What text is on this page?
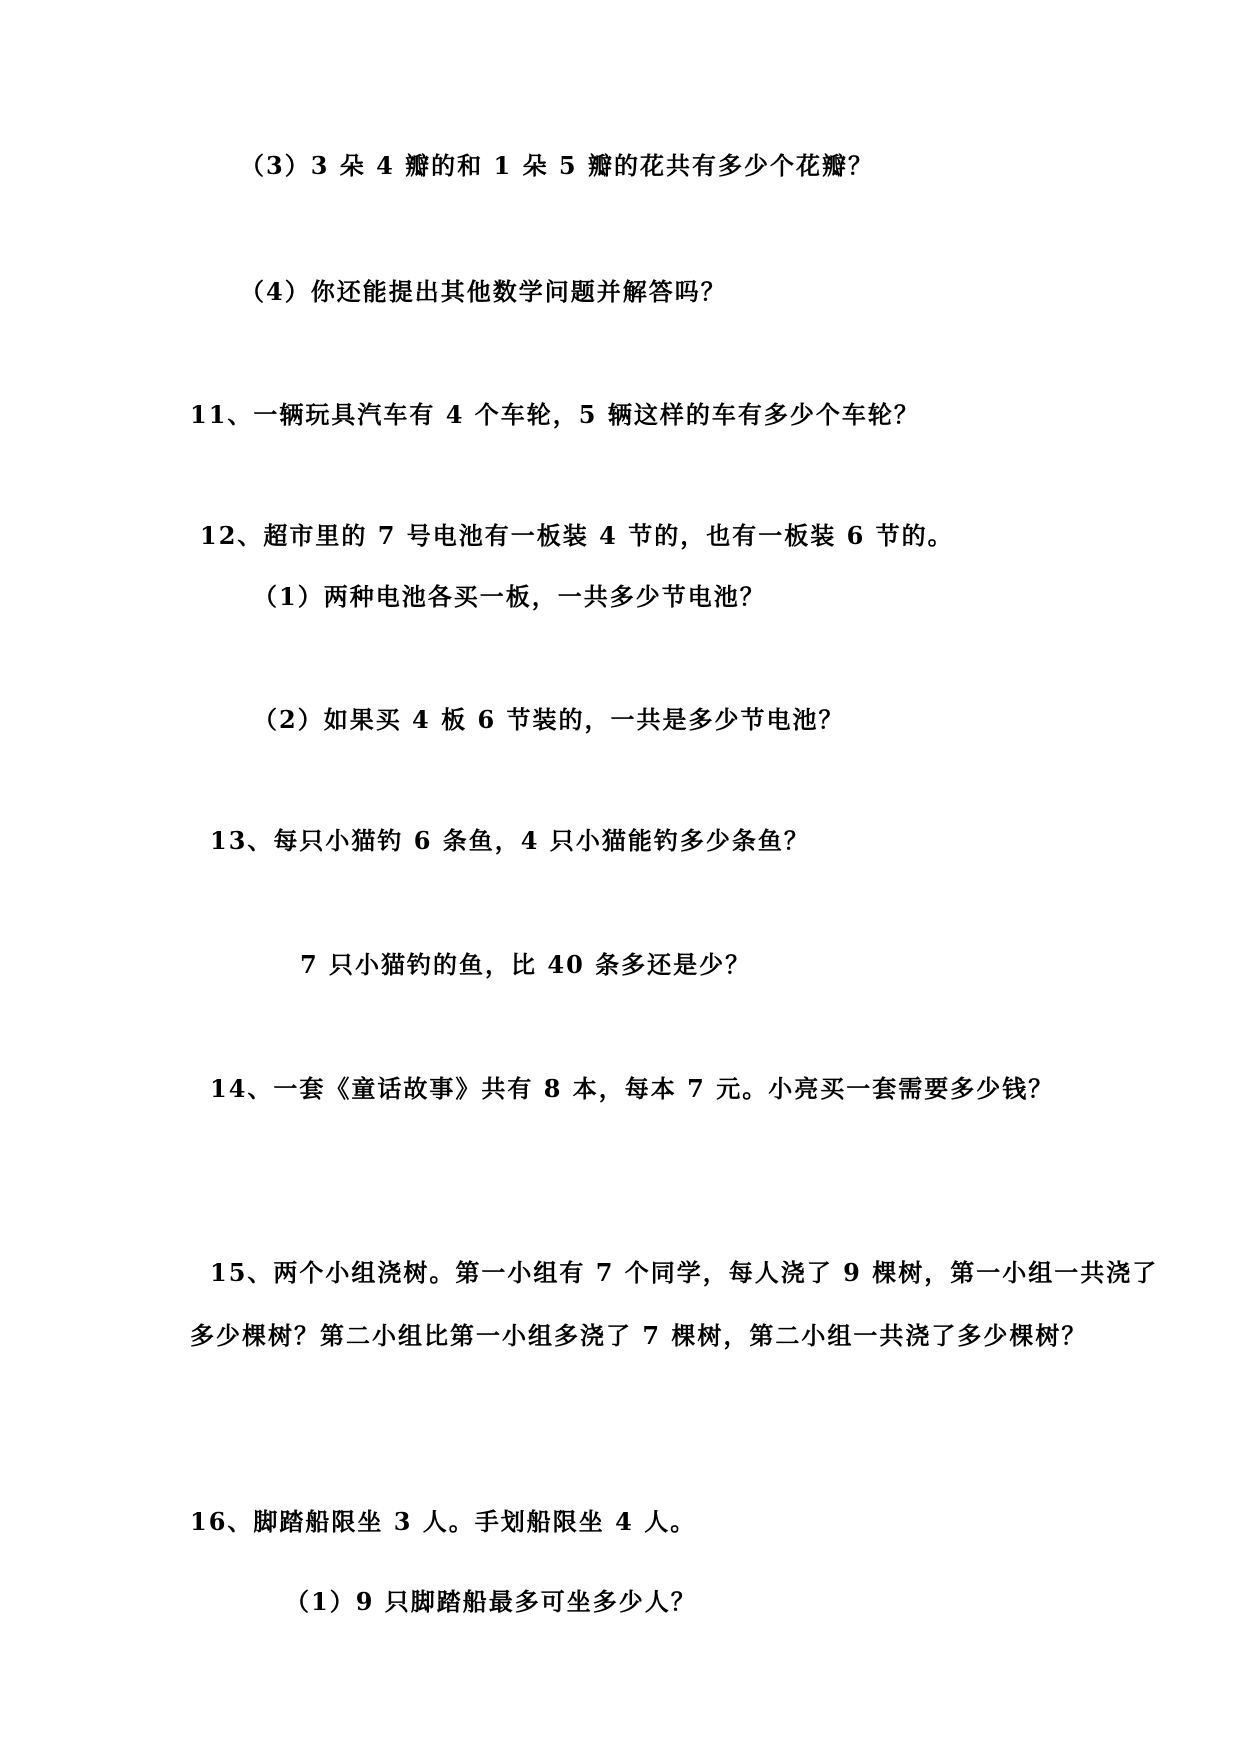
（3）3 朵 4 瓣的和 1 朵 5 瓣的花共有多少个花瓣？
（4）你还能提出其他数学问题并解答吗？
11、一辆玩具汽车有 4 个车轮，5 辆这样的车有多少个车轮？
12、超市里的 7 号电池有一板装 4 节的，也有一板装 6 节的。
（1）两种电池各买一板，一共多少节电池？
（2）如果买 4 板 6 节装的，一共是多少节电池？
13、每只小猫钓 6 条鱼，4 只小猫能钓多少条鱼？
7 只小猫钓的鱼，比 40 条多还是少？
14、一套《童话故事》共有 8 本，每本 7 元。小亮买一套需要多少钱？
15、两个小组浇树。第一小组有 7 个同学，每人浇了 9 棵树，第一小组一共浇了
多少棵树？第二小组比第一小组多浇了 7 棵树，第二小组一共浇了多少棵树？
16、脚踏船限坐 3 人。手划船限坐 4 人。
（1）9 只脚踏船最多可坐多少人？
